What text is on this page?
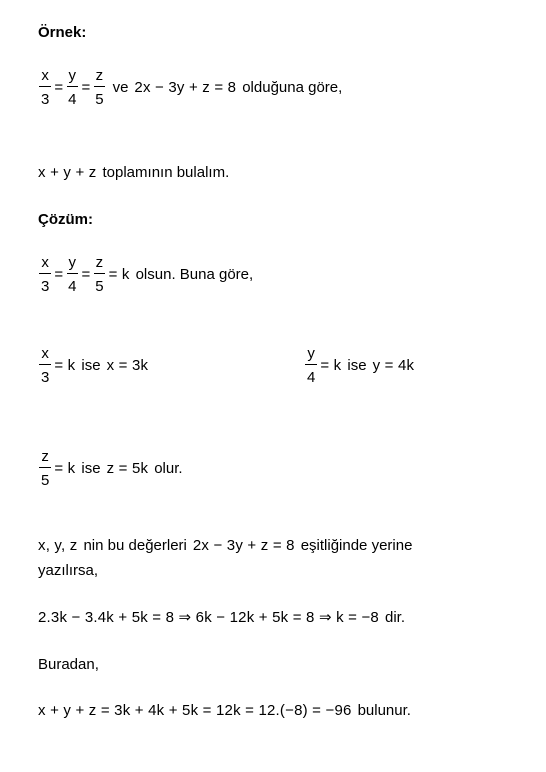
Örnek:
$\frac{x}{3} = \frac{y}{4} = \frac{z}{5}$ ve 2x − 3y + z = 8 olduğuna göre,
x + y + z toplamının bulalım.
Çözüm:
$\frac{x}{3} = \frac{y}{4} = \frac{z}{5} = k$ olsun. Buna göre,
$\frac{x}{3} = k$ ise x = 3k	$\frac{y}{4} = k$ ise y = 4k
$\frac{z}{5} = k$ ise z = 5k olur.
x, y, z nin bu değerleri 2x − 3y + z = 8 eşitliğinde yerine
yazılırsa,
2.3k − 3.4k + 5k = 8 ⇒ 6k − 12k + 5k = 8 ⇒ k = −8 dir.
Buradan,
x + y + z = 3k + 4k + 5k = 12k = 12.(−8) = −96 bulunur.
